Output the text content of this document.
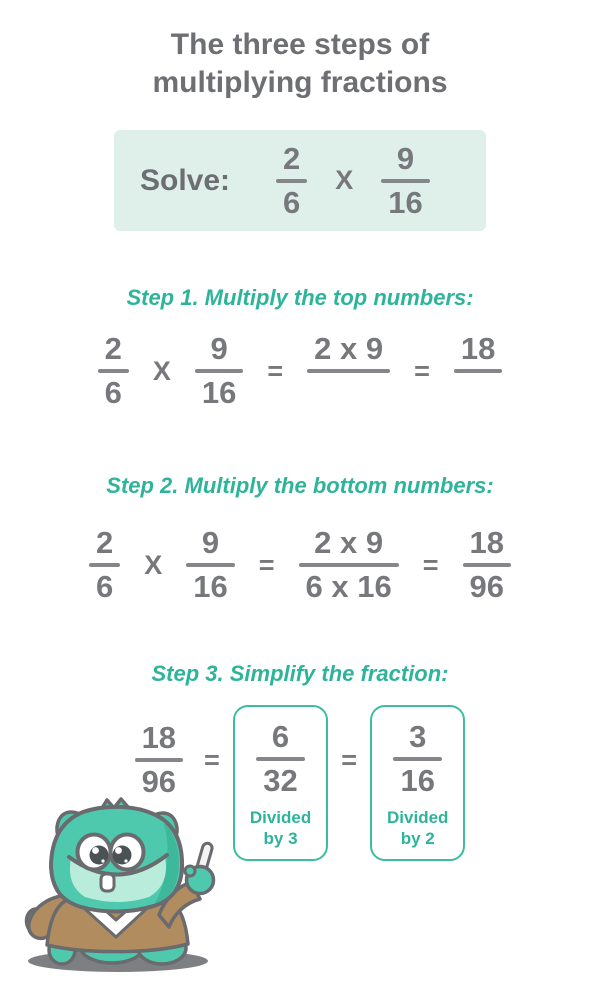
The three steps of
multiplying fractions
Solve: $\frac{2}{6}$ X $\frac{9}{16}$
Step 1. Multiply the top numbers:
$\frac{2}{6}$ X $\frac{9}{16}$ =
2 x 9
=
18
Step 2. Multiply the bottom numbers:
$\frac{2}{6}$ X $\frac{9}{16} = \frac{2 x 9}{6 x 16} = \frac{18}{96}$
Step 3. Simplify the fraction:
$\frac{18}{96} = \frac{6}{32}$
Divided
by 3
= $\frac{3}{16}$
Divided
by 2
